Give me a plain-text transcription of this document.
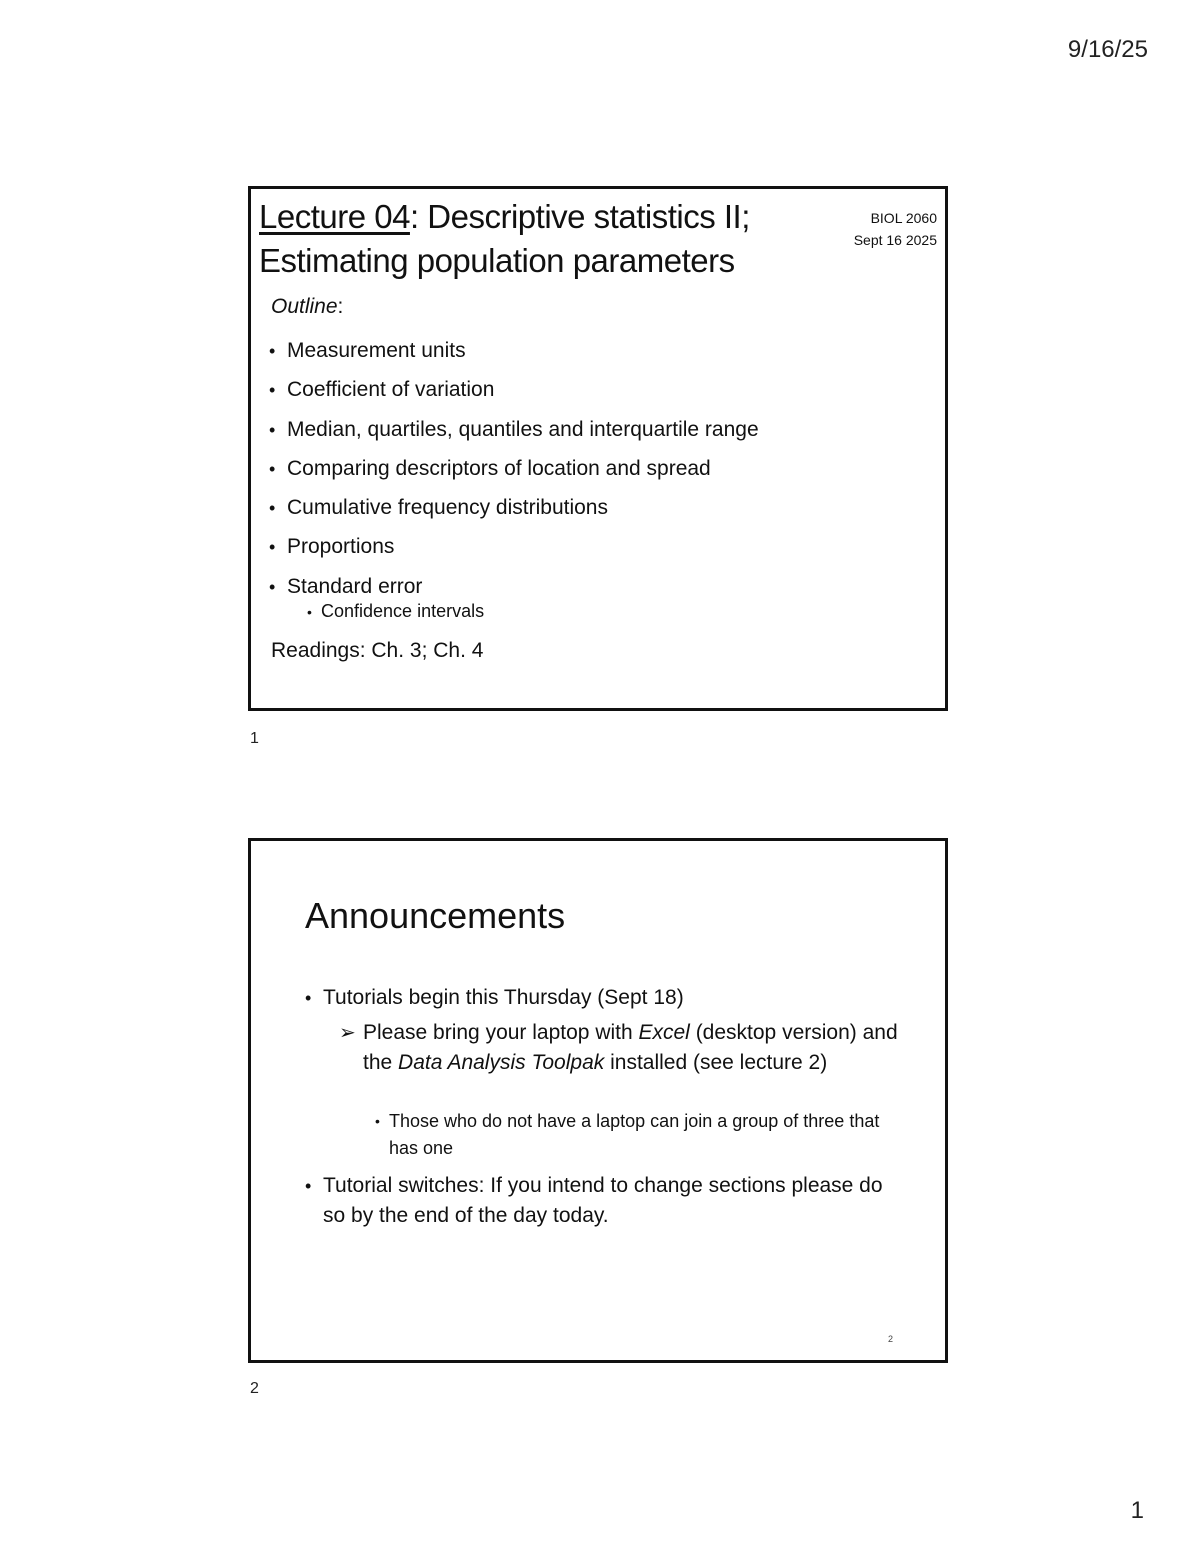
9/16/25
Lecture 04: Descriptive statistics II; Estimating population parameters
BIOL 2060
Sept 16 2025
Outline:
• Measurement units
• Coefficient of variation
• Median, quartiles, quantiles and interquartile range
• Comparing descriptors of location and spread
• Cumulative frequency distributions
• Proportions
• Standard error
• Confidence intervals
Readings: Ch. 3; Ch. 4
1
Announcements
• Tutorials begin this Thursday (Sept 18)
➢ Please bring your laptop with Excel (desktop version) and the Data Analysis Toolpak installed (see lecture 2)
• Those who do not have a laptop can join a group of three that has one
• Tutorial switches: If you intend to change sections please do so by the end of the day today.
2
2
1
